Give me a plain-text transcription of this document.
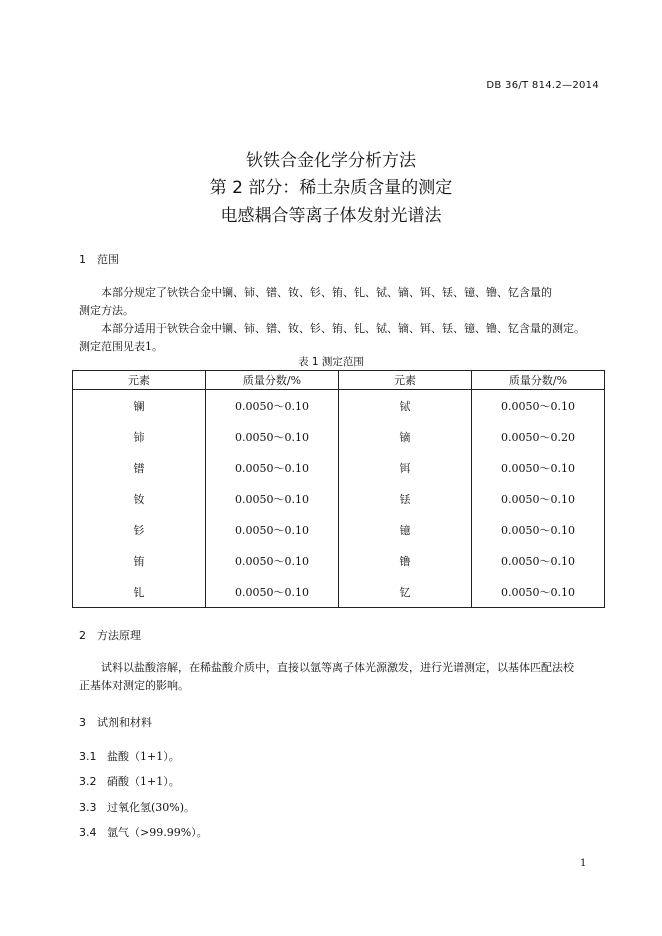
DB 36/T 814.2—2014
钬铁合金化学分析方法
第 2 部分：稀土杂质含量的测定
电感耦合等离子体发射光谱法
1 范围
本部分规定了钬铁合金中镧、铈、镨、钕、钐、铕、钆、铽、镝、铒、铥、镱、镥、钇含量的
测定方法。
本部分适用于钬铁合金中镧、铈、镨、钕、钐、铕、钆、铽、镝、铒、铥、镱、镥、钇含量的测定。
测定范围见表1。
表 1 测定范围
元素	质量分数/%	元素	质量分数/%
镧	0.0050～0.10	铽	0.0050～0.10
铈	0.0050～0.10	镝	0.0050～0.20
镨	0.0050～0.10	铒	0.0050～0.10
钕	0.0050～0.10	铥	0.0050～0.10
钐	0.0050～0.10	镱	0.0050～0.10
铕	0.0050～0.10	镥	0.0050～0.10
钆	0.0050～0.10	钇	0.0050～0.10
2 方法原理
试料以盐酸溶解，在稀盐酸介质中，直接以氩等离子体光源激发，进行光谱测定，以基体匹配法校
正基体对测定的影响。
3 试剂和材料
3.1 盐酸（1+1）。
3.2 硝酸（1+1）。
3.3 过氧化氢(30%)。
3.4 氩气（>99.99%）。
1
